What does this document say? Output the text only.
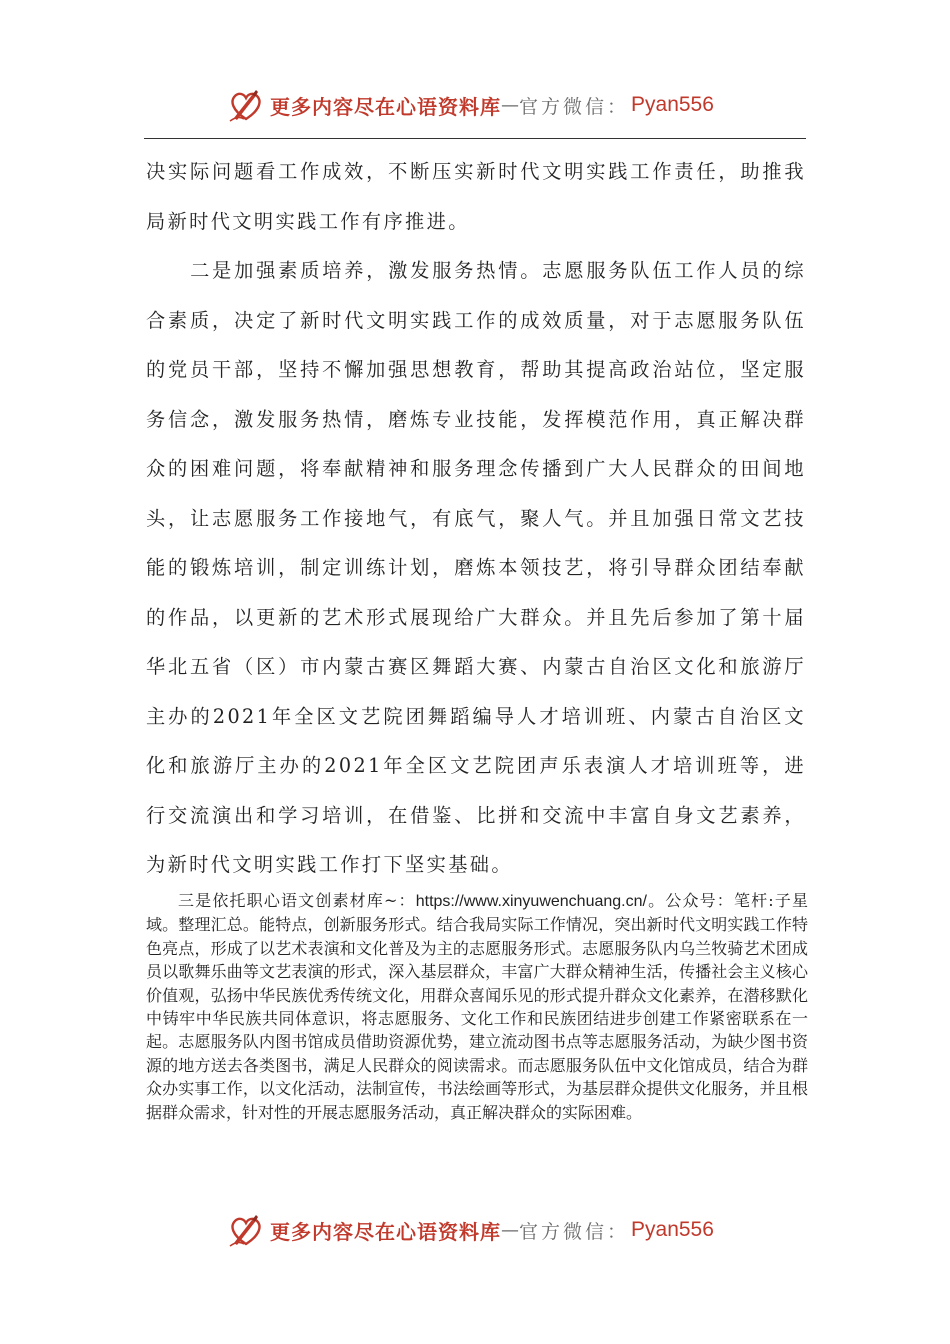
更多内容尽在心语资料库 — 官方微信： Pyan556

决实际问题看工作成效，不断压实新时代文明实践工作责任，助推我局新时代文明实践工作有序推进。

二是加强素质培养，激发服务热情。志愿服务队伍工作人员的综合素质，决定了新时代文明实践工作的成效质量，对于志愿服务队伍的党员干部，坚持不懈加强思想教育，帮助其提高政治站位，坚定服务信念，激发服务热情，磨炼专业技能，发挥模范作用，真正解决群众的困难问题，将奉献精神和服务理念传播到广大人民群众的田间地头，让志愿服务工作接地气，有底气，聚人气。并且加强日常文艺技能的锻炼培训，制定训练计划，磨炼本领技艺，将引导群众团结奉献的作品，以更新的艺术形式展现给广大群众。并且先后参加了第十届华北五省（区）市内蒙古赛区舞蹈大赛、内蒙古自治区文化和旅游厅主办的2021年全区文艺院团舞蹈编导人才培训班、内蒙古自治区文化和旅游厅主办的2021年全区文艺院团声乐表演人才培训班等，进行交流演出和学习培训，在借鉴、比拼和交流中丰富自身文艺素养，为新时代文明实践工作打下坚实基础。

三是依托职心语文创素材库~：https://www.xinyuwenchuang.cn/。公众号：笔杆:子星域。整理汇总。能特点，创新服务形式。结合我局实际工作情况，突出新时代文明实践工作特色亮点，形成了以艺术表演和文化普及为主的志愿服务形式。志愿服务队内乌兰牧骑艺术团成员以歌舞乐曲等文艺表演的形式，深入基层群众，丰富广大群众精神生活，传播社会主义核心价值观，弘扬中华民族优秀传统文化，用群众喜闻乐见的形式提升群众文化素养，在潜移默化中铸牢中华民族共同体意识，将志愿服务、文化工作和民族团结进步创建工作紧密联系在一起。志愿服务队内图书馆成员借助资源优势，建立流动图书点等志愿服务活动，为缺少图书资源的地方送去各类图书，满足人民群众的阅读需求。而志愿服务队伍中文化馆成员，结合为群众办实事工作，以文化活动，法制宣传，书法绘画等形式，为基层群众提供文化服务，并且根据群众需求，针对性的开展志愿服务活动，真正解决群众的实际困难。

更多内容尽在心语资料库 — 官方微信： Pyan556
